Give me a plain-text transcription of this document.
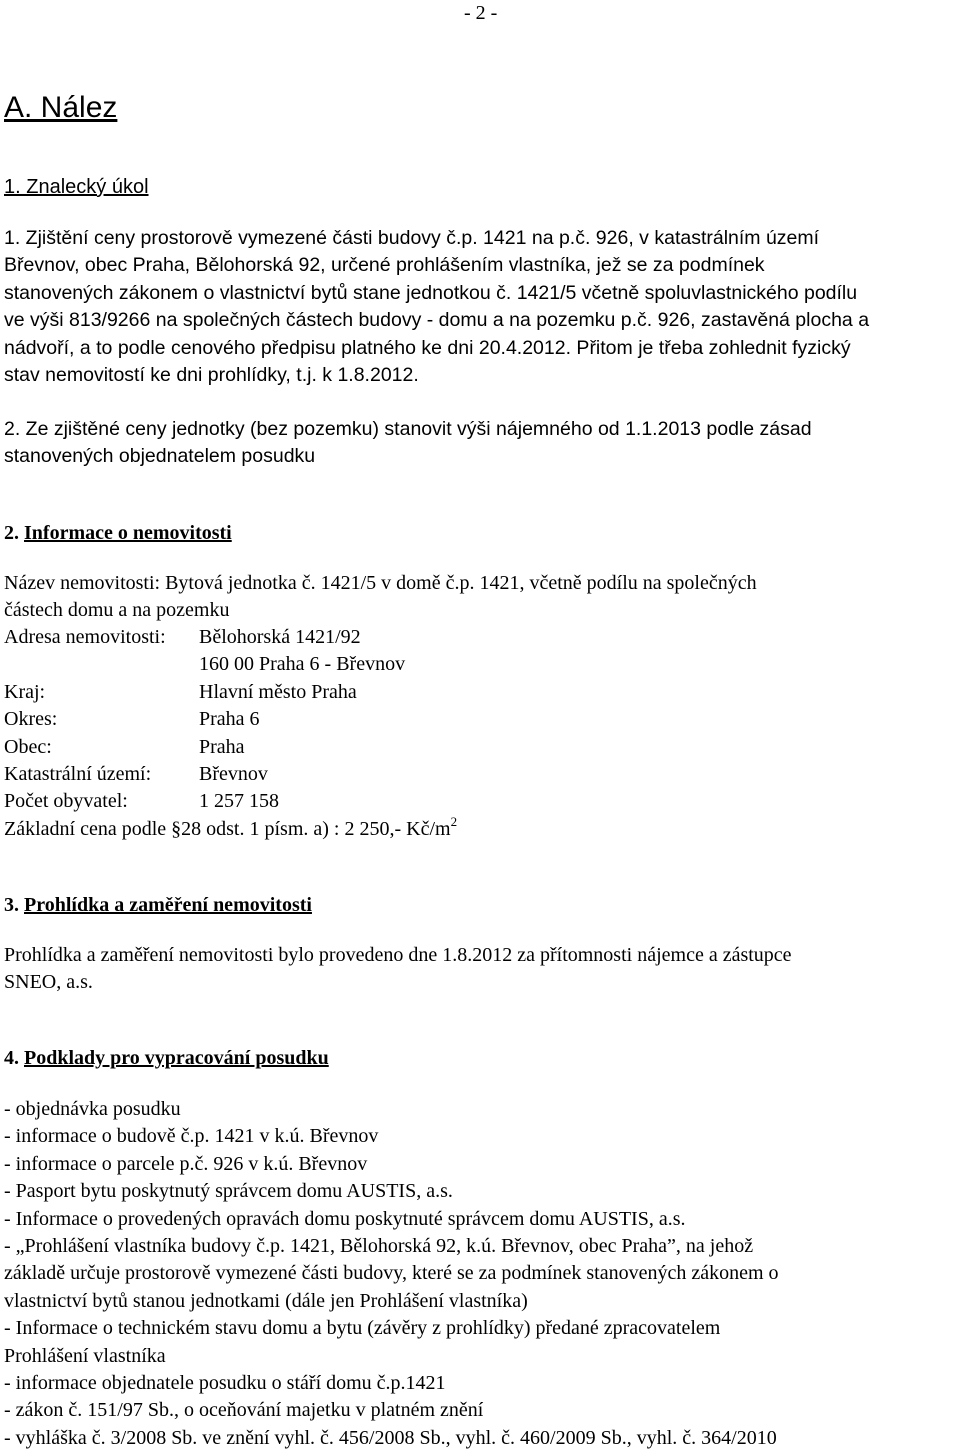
- 2 -
A. Nález
1. Znalecký úkol
1. Zjištění ceny prostorově vymezené části budovy č.p. 1421 na p.č. 926, v katastrálním území
Břevnov, obec Praha, Bělohorská 92, určené prohlášením vlastníka, jež se za podmínek
stanovených zákonem o vlastnictví bytů stane jednotkou č. 1421/5 včetně spoluvlastnického podílu
ve výši 813/9266 na společných částech budovy - domu a na pozemku p.č. 926, zastavěná plocha a
nádvoří, a to podle cenového předpisu platného ke dni 20.4.2012. Přitom je třeba zohlednit fyzický
stav nemovitostí ke dni prohlídky, t.j. k 1.8.2012.
2. Ze zjištěné ceny jednotky (bez pozemku) stanovit výši nájemného od 1.1.2013 podle zásad
stanovených objednatelem posudku
2. Informace o nemovitosti
Název nemovitosti: Bytová jednotka č. 1421/5 v domě č.p. 1421, včetně podílu na společných
částech domu a na pozemku
Adresa nemovitosti: Bělohorská 1421/92
160 00 Praha 6 - Břevnov
Kraj:	Hlavní město Praha
Okres:	Praha 6
Obec:	Praha
Katastrální území: Břevnov
Počet obyvatel:	1 257 158
Základní cena podle §28 odst. 1 písm. a) : 2 250,- $Kč/m^2$
3. Prohlídka a zaměření nemovitosti
Prohlídka a zaměření nemovitosti bylo provedeno dne 1.8.2012 za přítomnosti nájemce a zástupce
SNEO, a.s.
4. Podklady pro vypracování posudku
- objednávka posudku
- informace o budově č.p. 1421 v k.ú. Břevnov
- informace o parcele p.č. 926 v k.ú. Břevnov
- Pasport bytu poskytnutý správcem domu AUSTIS, a.s.
- Informace o provedených opravách domu poskytnuté správcem domu AUSTIS, a.s.
- „Prohlášení vlastníka budovy č.p. 1421, Bělohorská 92, k.ú. Břevnov, obec Praha”, na jehož
základě určuje prostorově vymezené části budovy, které se za podmínek stanovených zákonem o
vlastnictví bytů stanou jednotkami (dále jen Prohlášení vlastníka)
- Informace o technickém stavu domu a bytu (závěry z prohlídky) předané zpracovatelem
Prohlášení vlastníka
- informace objednatele posudku o stáří domu č.p.1421
- zákon č. 151/97 Sb., o oceňování majetku v platném znění
- vyhláška č. 3/2008 Sb. ve znění vyhl. č. 456/2008 Sb., vyhl. č. 460/2009 Sb., vyhl. č. 364/2010
